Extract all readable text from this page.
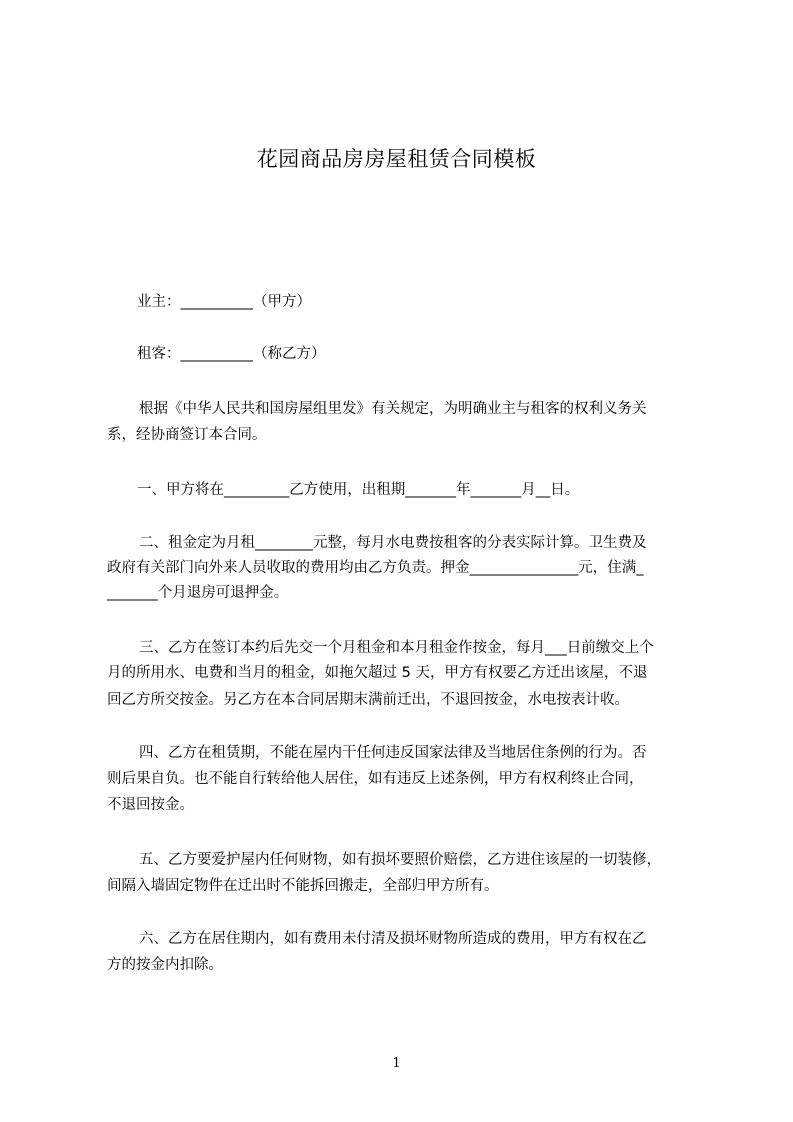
花园商品房房屋租赁合同模板
业主：__________（甲方）
租客：__________（称乙方）
根据《中华人民共和国房屋组里发》有关规定，为明确业主与租客的权利义务关
系，经协商签订本合同。
一、甲方将在_________乙方使用，出租期_______年_______月__日。
二、租金定为月租________元整，每月水电费按租客的分表实际计算。卫生费及
政府有关部门向外来人员收取的费用均由乙方负责。押金_______________元，住满_
_______个月退房可退押金。
三、乙方在签订本约后先交一个月租金和本月租金作按金，每月___日前缴交上个
月的所用水、电费和当月的租金，如拖欠超过 5 天，甲方有权要乙方迁出该屋，不退
回乙方所交按金。另乙方在本合同居期末满前迁出，不退回按金，水电按表计收。
四、乙方在租赁期，不能在屋内干任何违反国家法律及当地居住条例的行为。否
则后果自负。也不能自行转给他人居住，如有违反上述条例，甲方有权利终止合同，
不退回按金。
五、乙方要爱护屋内任何财物，如有损坏要照价赔偿，乙方进住该屋的一切装修，
间隔入墙固定物件在迁出时不能拆回搬走，全部归甲方所有。
六、乙方在居住期内，如有费用未付清及损坏财物所造成的费用，甲方有权在乙
方的按金内扣除。
1
